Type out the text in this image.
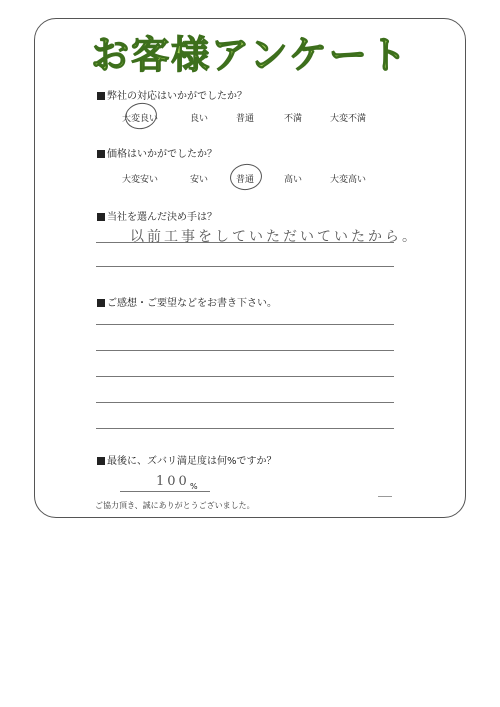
お客様アンケート
弊社の対応はいかがでしたか？
大変良い	良い	普通	不満	大変不満
価格はいかがでしたか？
大変安い	安い	普通	高い	大変高い
当社を選んだ決め手は？
以前工事をしていただいていたから。
ご感想・ご要望などをお書き下さい。
最後に、ズバリ満足度は何%ですか？
100 %
ご協力頂き、誠にありがとうございました。
